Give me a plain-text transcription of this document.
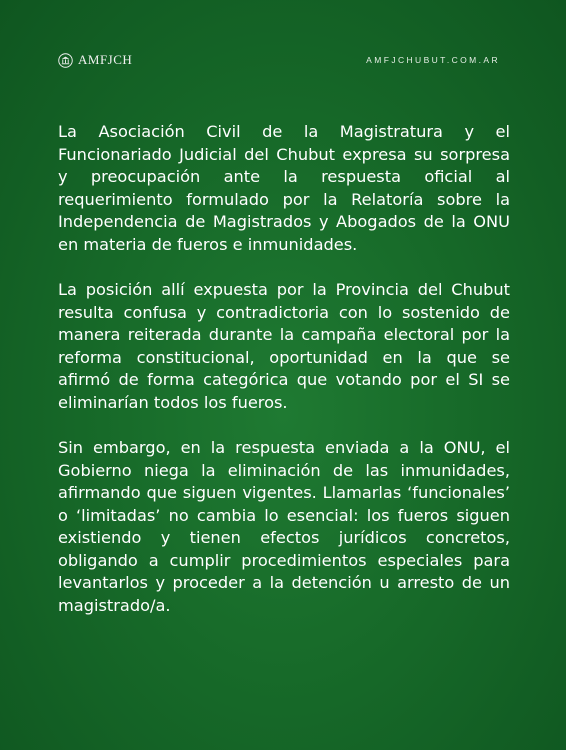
AMFJCH	AMFJCHUBUT.COM.AR

La Asociación Civil de la Magistratura y el Funcionariado Judicial del Chubut expresa su sorpresa y preocupación ante la respuesta oficial al requerimiento formulado por la Relatoría sobre la Independencia de Magistrados y Abogados de la ONU en materia de fueros e inmunidades.

La posición allí expuesta por la Provincia del Chubut resulta confusa y contradictoria con lo sostenido de manera reiterada durante la campaña electoral por la reforma constitucional, oportunidad en la que se afirmó de forma categórica que votando por el SI se eliminarían todos los fueros.

Sin embargo, en la respuesta enviada a la ONU, el Gobierno niega la eliminación de las inmunidades, afirmando que siguen vigentes. Llamarlas ‘funcionales’ o ‘limitadas’ no cambia lo esencial: los fueros siguen existiendo y tienen efectos jurídicos concretos, obligando a cumplir procedimientos especiales para levantarlos y proceder a la detención u arresto de un magistrado/a.
